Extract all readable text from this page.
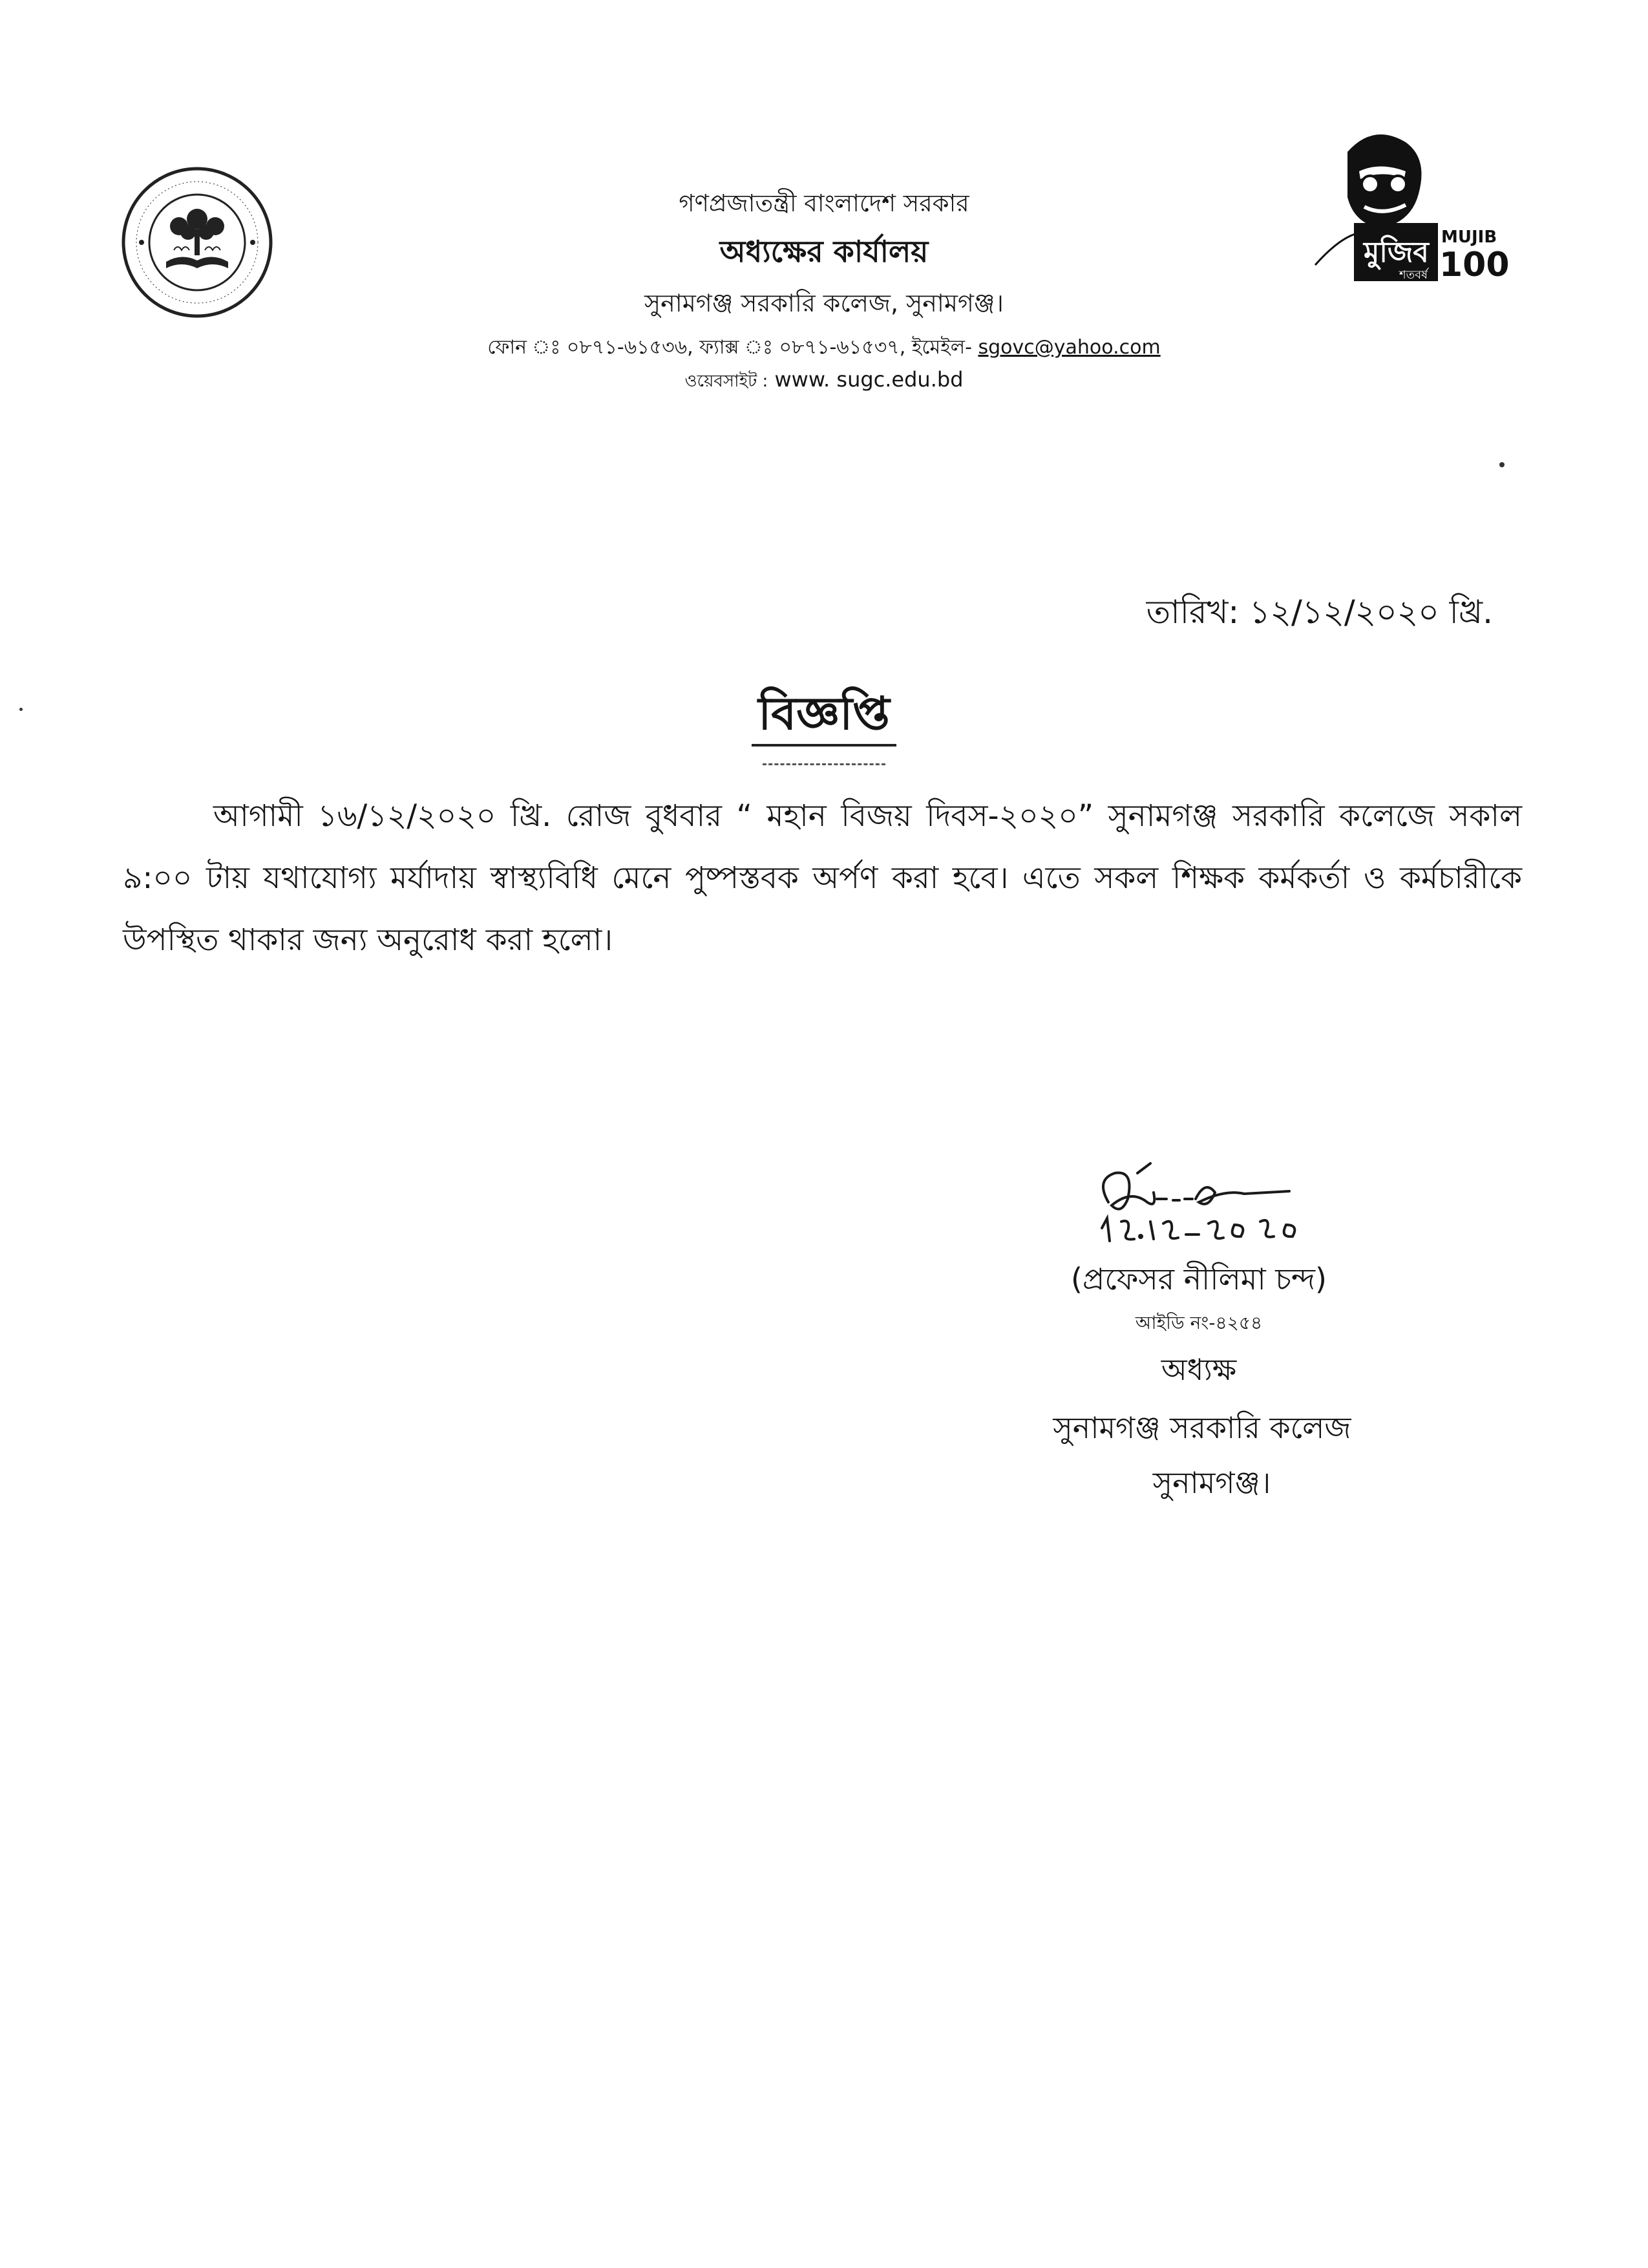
মুজিব
শতবর্ষ
MUJIB
100
গণপ্রজাতন্ত্রী বাংলাদেশ সরকার
অধ্যক্ষের কার্যালয়
সুনামগঞ্জ সরকারি কলেজ, সুনামগঞ্জ।
ফোন ঃ ০৮৭১-৬১৫৩৬, ফ্যাক্স ঃ ০৮৭১-৬১৫৩৭, ইমেইল- sgovc@yahoo.com
ওয়েবসাইট : www. sugc.edu.bd
তারিখ: ১২/১২/২০২০ খ্রি.
বিজ্ঞপ্তি
আগামী ১৬/১২/২০২০ খ্রি. রোজ বুধবার “ মহান বিজয় দিবস-২০২০” সুনামগঞ্জ সরকারি কলেজে সকাল ৯:০০ টায় যথাযোগ্য মর্যাদায় স্বাস্থ্যবিধি মেনে পুষ্পস্তবক অর্পণ করা হবে। এতে সকল শিক্ষক কর্মকর্তা ও কর্মচারীকে উপস্থিত থাকার জন্য অনুরোধ করা হলো।
(প্রফেসর নীলিমা চন্দ)
আইডি নং-৪২৫৪
অধ্যক্ষ
সুনামগঞ্জ সরকারি কলেজ
সুনামগঞ্জ।
